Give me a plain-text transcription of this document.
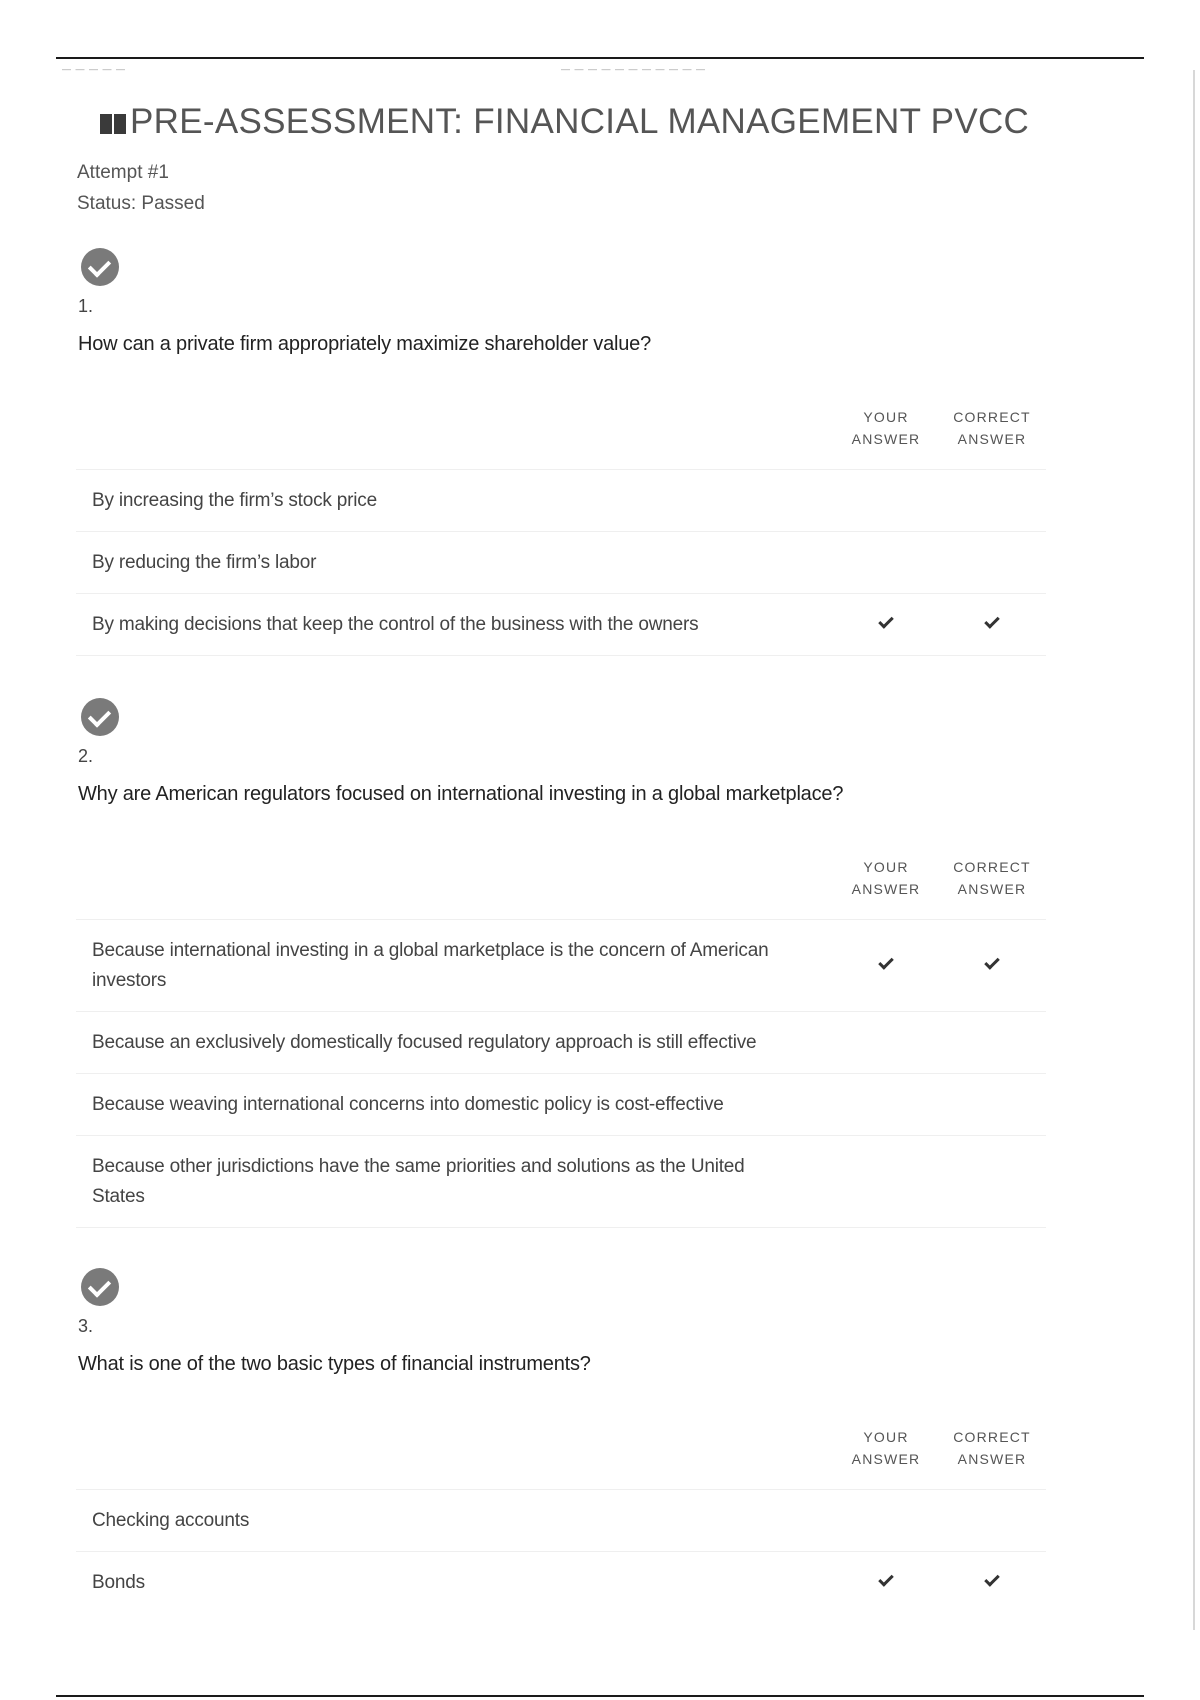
— — — — —	— — — — — — — — — — —
PRE-ASSESSMENT: FINANCIAL MANAGEMENT PVCC
Attempt #1
Status: Passed
1.
How can a private firm appropriately maximize shareholder value?
YOUR ANSWER
CORRECT ANSWER
By increasing the firm’s stock price
By reducing the firm’s labor
By making decisions that keep the control of the business with the owners
2.
Why are American regulators focused on international investing in a global marketplace?
YOUR ANSWER
CORRECT ANSWER
Because international investing in a global marketplace is the concern of American investors
Because an exclusively domestically focused regulatory approach is still effective
Because weaving international concerns into domestic policy is cost-effective
Because other jurisdictions have the same priorities and solutions as the United States
3.
What is one of the two basic types of financial instruments?
YOUR ANSWER
CORRECT ANSWER
Checking accounts
Bonds
